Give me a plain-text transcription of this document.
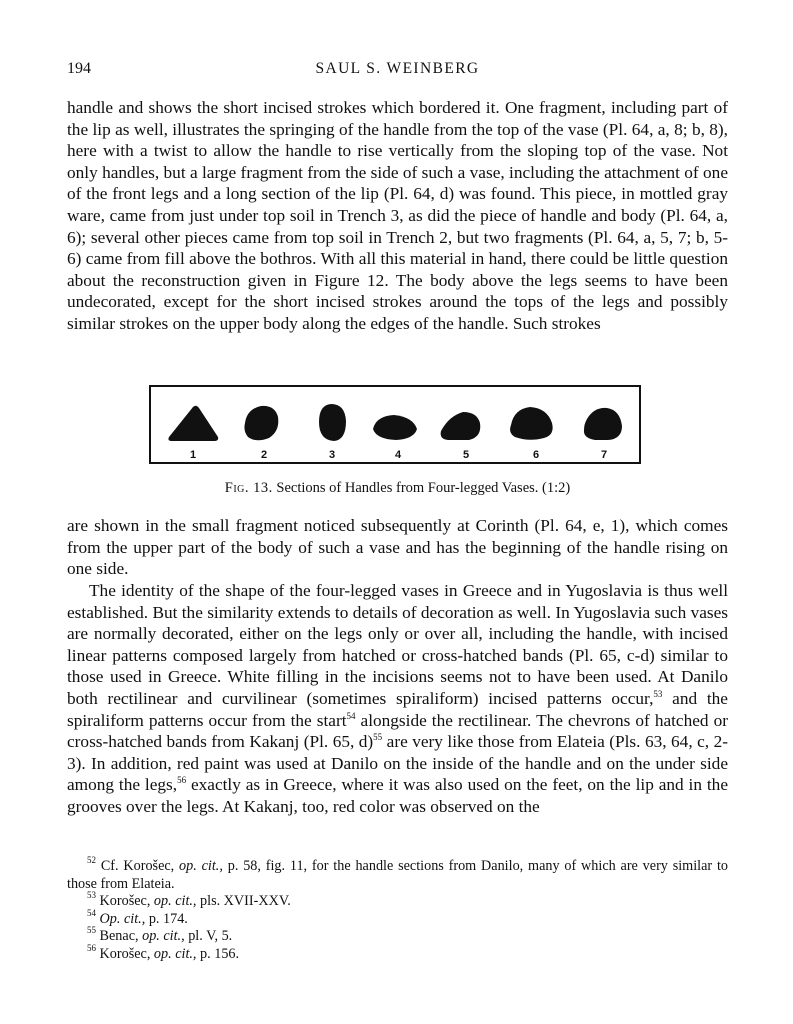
194	SAUL S. WEINBERG

handle and shows the short incised strokes which bordered it. One fragment, including part of the lip as well, illustrates the springing of the handle from the top of the vase (Pl. 64, a, 8; b, 8), here with a twist to allow the handle to rise vertically from the sloping top of the vase. Not only handles, but a large fragment from the side of such a vase, including the attachment of one of the front legs and a long section of the lip (Pl. 64, d) was found. This piece, in mottled gray ware, came from just under top soil in Trench 3, as did the piece of handle and body (Pl. 64, a, 6); several other pieces came from top soil in Trench 2, but two fragments (Pl. 64, a, 5, 7; b, 5-6) came from fill above the bothros. With all this material in hand, there could be little question about the reconstruction given in Figure 12. The body above the legs seems to have been undecorated, except for the short incised strokes around the tops of the legs and possibly similar strokes on the upper body along the edges of the handle. Such strokes

1	2	3	4	5	6	7
Fig. 13. Sections of Handles from Four-legged Vases. (1:2)

are shown in the small fragment noticed subsequently at Corinth (Pl. 64, e, 1), which comes from the upper part of the body of such a vase and has the beginning of the handle rising on one side.

The identity of the shape of the four-legged vases in Greece and in Yugoslavia is thus well established. But the similarity extends to details of decoration as well. In Yugoslavia such vases are normally decorated, either on the legs only or over all, including the handle, with incised linear patterns composed largely from hatched or cross-hatched bands (Pl. 65, c-d) similar to those used in Greece. White filling in the incisions seems not to have been used. At Danilo both rectilinear and curvilinear (sometimes spiraliform) incised patterns occur,$^{53}$ and the spiraliform patterns occur from the start$^{54}$ alongside the rectilinear. The chevrons of hatched or cross-hatched bands from Kakanj (Pl. 65, d)$^{55}$ are very like those from Elateia (Pls. 63, 64, c, 2-3). In addition, red paint was used at Danilo on the inside of the handle and on the under side among the legs,$^{56}$ exactly as in Greece, where it was also used on the feet, on the lip and in the grooves over the legs. At Kakanj, too, red color was observed on the

$^{52}$ Cf. Korošec, op. cit., p. 58, fig. 11, for the handle sections from Danilo, many of which are very similar to those from Elateia.

$^{53}$ Korošec, op. cit., pls. XVII-XXV.

$^{54}$ Op. cit., p. 174.

$^{55}$ Benac, op. cit., pl. V, 5.

$^{56}$ Korošec, op. cit., p. 156.
